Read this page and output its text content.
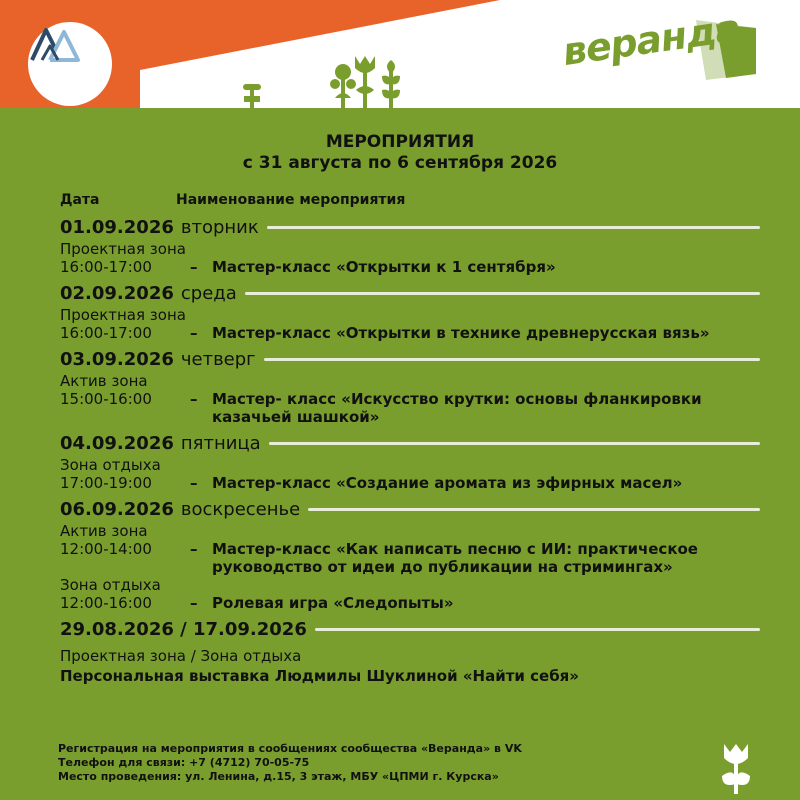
веранда
МЕРОПРИЯТИЯ
с 31 августа по 6 сентября 2026
Дата	Наименование мероприятия
01.09.2026 вторник
Проектная зона
16:00-17:00	– Мастер-класс «Открытки к 1 сентября»
02.09.2026 среда
Проектная зона
16:00-17:00	– Мастер-класс «Открытки в технике древнерусская вязь»
03.09.2026 четверг
Актив зона
15:00-16:00	– Мастер- класс «Искусство крутки: основы фланкировки казачьей шашкой»
04.09.2026 пятница
Зона отдыха
17:00-19:00	– Мастер-класс «Создание аромата из эфирных масел»
06.09.2026 воскресенье
Актив зона
12:00-14:00	– Мастер-класс «Как написать песню с ИИ: практическое руководство от идеи до публикации на стримингах»
Зона отдыха
12:00-16:00	– Ролевая игра «Следопыты»
29.08.2026 / 17.09.2026
Проектная зона / Зона отдыха
Персональная выставка Людмилы Шуклиной «Найти себя»
Регистрация на мероприятия в сообщениях сообщества «Веранда» в VK
Телефон для связи: +7 (4712) 70-05-75
Место проведения: ул. Ленина, д.15, 3 этаж, МБУ «ЦПМИ г. Курска»
